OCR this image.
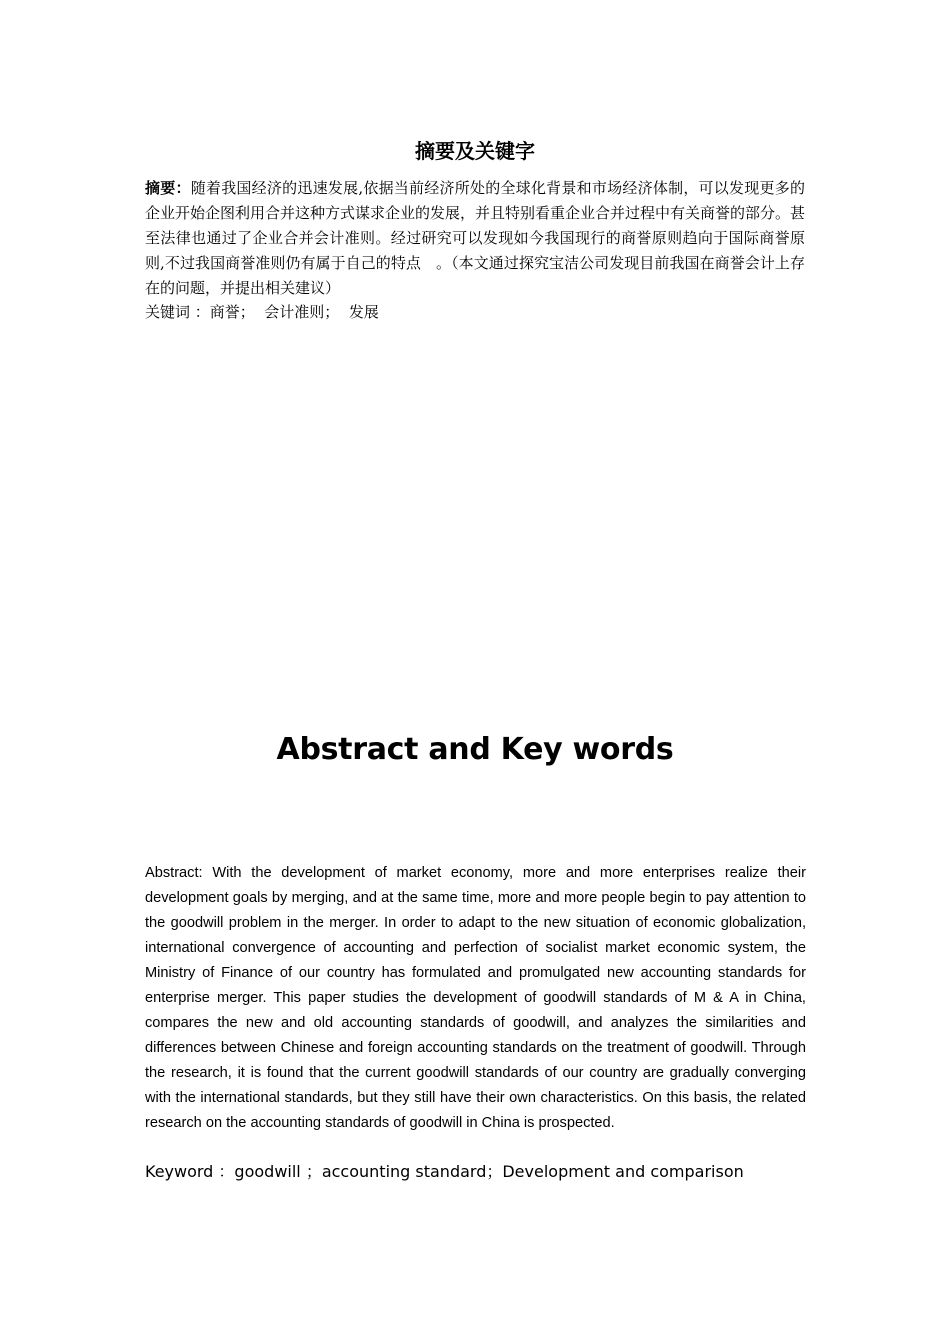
摘要及关键字
摘要：随着我国经济的迅速发展,依据当前经济所处的全球化背景和市场经济体制，可以发现更多的企业开始企图利用合并这种方式谋求企业的发展，并且特别看重企业合并过程中有关商誉的部分。甚至法律也通过了企业合并会计准则。经过研究可以发现如今我国现行的商誉原则趋向于国际商誉原则,不过我国商誉准则仍有属于自己的特点　。（本文通过探究宝洁公司发现目前我国在商誉会计上存在的问题，并提出相关建议）
关键词 ：商誉；  会计准则；  发展
Abstract and Key words
Abstract: With the development of market economy, more and more enterprises realize their development goals by merging, and at the same time, more and more people begin to pay attention to the goodwill problem in the merger. In order to adapt to the new situation of economic globalization, international convergence of accounting and perfection of socialist market economic system, the Ministry of Finance of our country has formulated and promulgated new accounting standards for enterprise merger. This paper studies the development of goodwill standards of M & A in China, compares the new and old accounting standards of goodwill, and analyzes the similarities and differences between Chinese and foreign accounting standards on the treatment of goodwill. Through the research, it is found that the current goodwill standards of our country are gradually converging with the international standards, but they still have their own characteristics. On this basis, the related research on the accounting standards of goodwill in China is prospected.
Keyword ：goodwill ；accounting standard；Development and comparison
